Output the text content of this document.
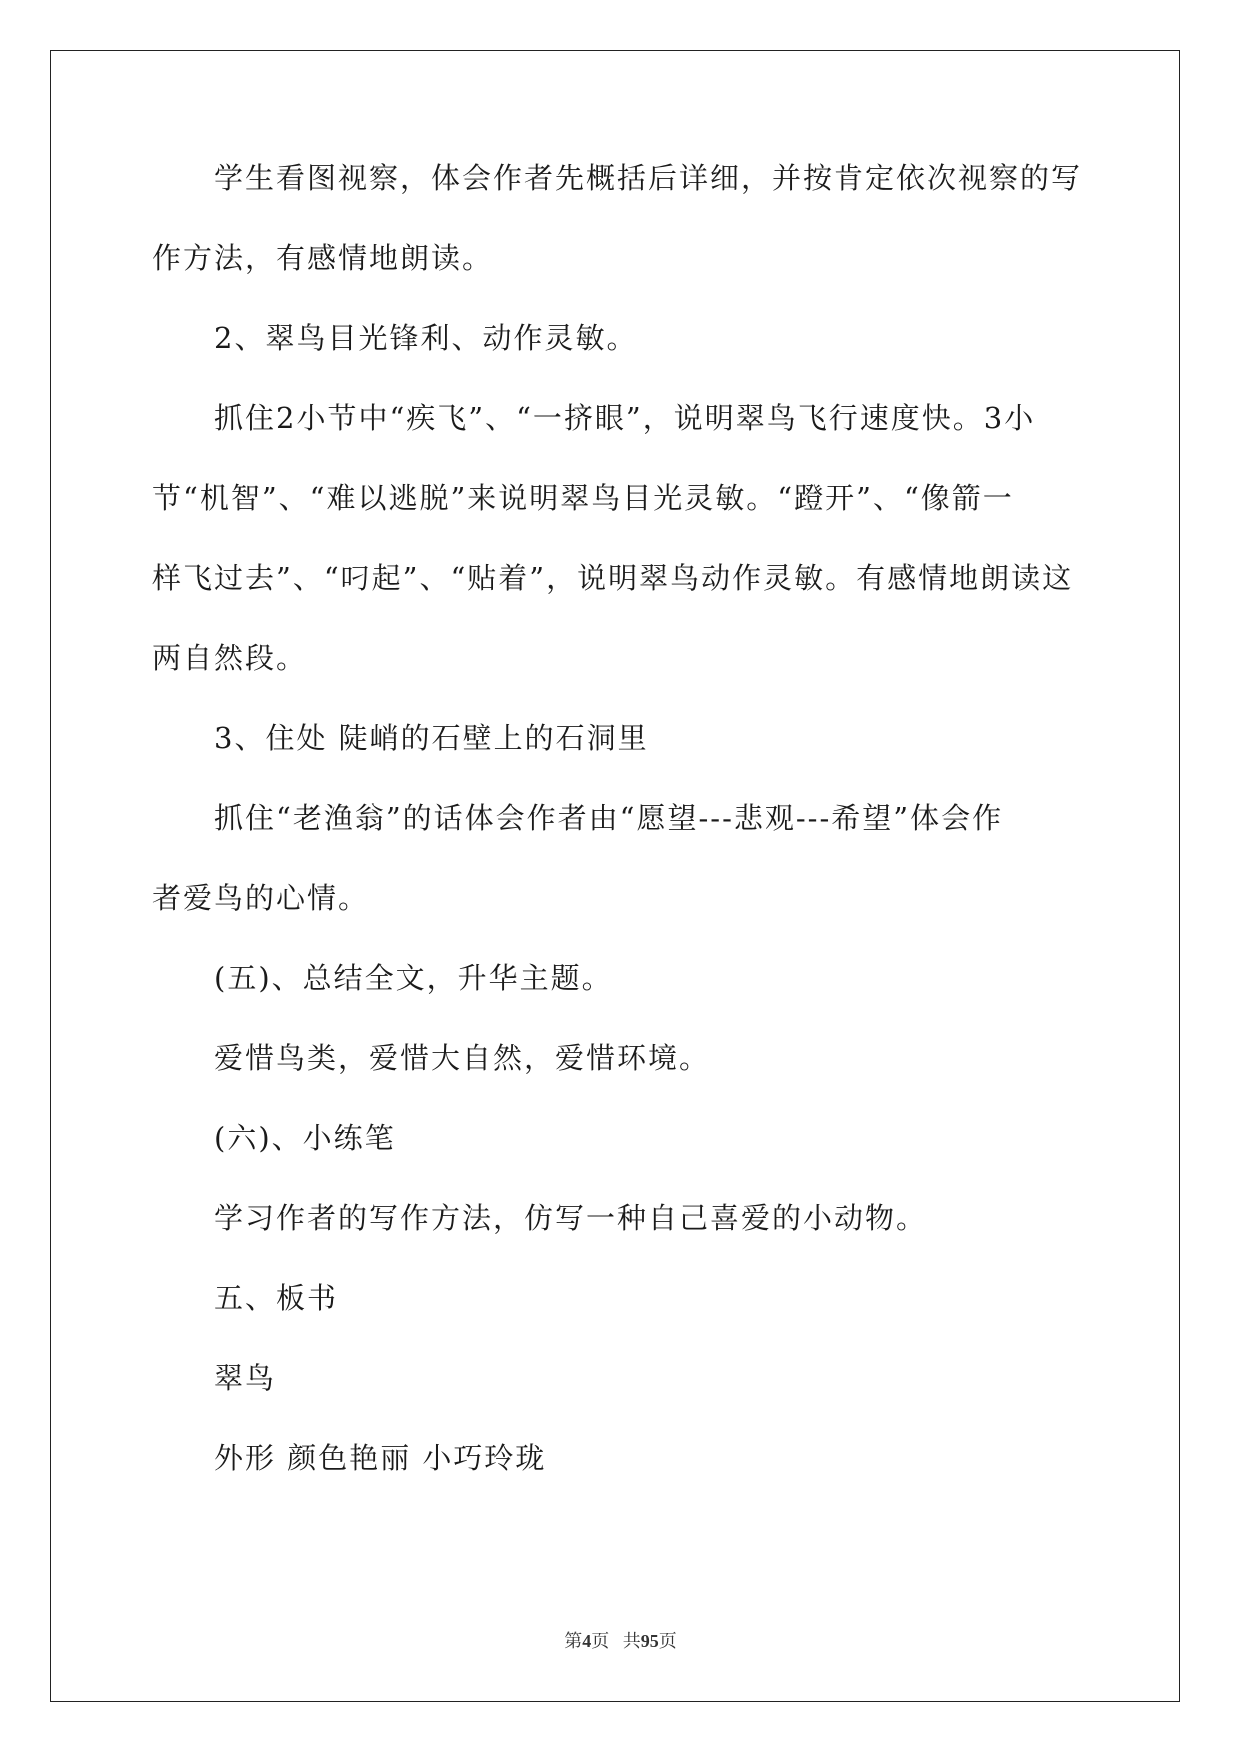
学生看图视察，体会作者先概括后详细，并按肯定依次视察的写
作方法，有感情地朗读。
2、翠鸟目光锋利、动作灵敏。
抓住2小节中“疾飞”、“一挤眼”，说明翠鸟飞行速度快。3小
节“机智”、“难以逃脱”来说明翠鸟目光灵敏。“蹬开”、“像箭一
样飞过去”、“叼起”、“贴着”，说明翠鸟动作灵敏。有感情地朗读这
两自然段。
3、住处 陡峭的石壁上的石洞里
抓住“老渔翁”的话体会作者由“愿望---悲观---希望”体会作
者爱鸟的心情。
(五)、总结全文，升华主题。
爱惜鸟类，爱惜大自然，爱惜环境。
(六)、小练笔
学习作者的写作方法，仿写一种自己喜爱的小动物。
五、板书
翠鸟
外形 颜色艳丽 小巧玲珑
第4页   共95页
